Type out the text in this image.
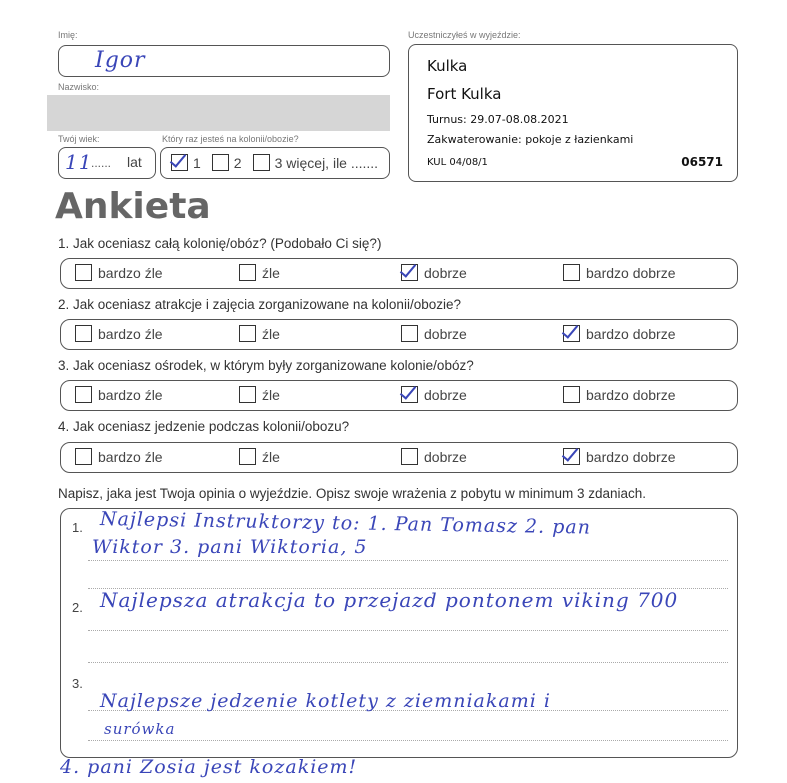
Imię:
Igor
Nazwisko:
Twój wiek:
11
...... lat
Który raz jesteś na kolonii/obozie?
1 2 3 więcej, ile .......
Uczestniczyłeś w wyjeździe:
Kulka
Fort Kulka
Turnus: 29.07-08.08.2021
Zakwaterowanie: pokoje z łazienkami
KUL 04/08/1	06571
Ankieta
1. Jak oceniasz całą kolonię/obóz? (Podobało Ci się?)
bardzo źle	źle	dobrze	bardzo dobrze
2. Jak oceniasz atrakcje i zajęcia zorganizowane na kolonii/obozie?
bardzo źle	źle	dobrze	bardzo dobrze
3. Jak oceniasz ośrodek, w którym były zorganizowane kolonie/obóz?
bardzo źle	źle	dobrze	bardzo dobrze
4. Jak oceniasz jedzenie podczas kolonii/obozu?
bardzo źle	źle	dobrze	bardzo dobrze
Napisz, jaka jest Twoja opinia o wyjeździe. Opisz swoje wrażenia z pobytu w minimum 3 zdaniach.
1. Najlepsi Instruktorzy to: 1. Pan Tomasz 2. pan
Wiktor 3. pani Wiktoria, 5
2. Najlepsza atrakcja to przejazd pontonem viking 700
3.
Najlepsze jedzenie kotlety z ziemniakami i
surówka
4. pani Zosia jest kozakiem!
